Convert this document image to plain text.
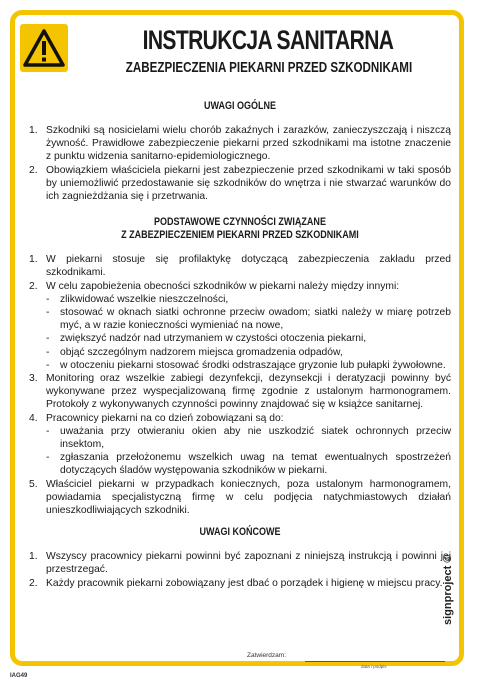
INSTRUKCJA SANITARNA
ZABEZPIECZENIA PIEKARNI PRZED SZKODNIKAMI
UWAGI OGÓLNE
1. Szkodniki są nosicielami wielu chorób zakaźnych i zarazków, zanieczyszczają i niszczą żywność. Prawidłowe zabezpieczenie piekarni przed szkodnikami ma istotne znaczenie z punktu widzenia sanitarno-epidemiologicznego.
2. Obowiązkiem właściciela piekarni jest zabezpieczenie przed szkodnikami w taki sposób by uniemożliwić przedostawanie się szkodników do wnętrza i nie stwarzać warunków do ich zagnieżdżania się i przetrwania.
PODSTAWOWE CZYNNOŚCI ZWIĄZANE
Z ZABEZPIECZENIEM PIEKARNI PRZED SZKODNIKAMI
1. W piekarni stosuje się profilaktykę dotyczącą zabezpieczenia zakładu przed szkodnikami.
2. W celu zapobieżenia obecności szkodników w piekarni należy między innymi:
-	zlikwidować wszelkie nieszczelności,
-	stosować w oknach siatki ochronne przeciw owadom; siatki należy w miarę potrzeb myć, a w razie konieczności wymieniać na nowe,
-	zwiększyć nadzór nad utrzymaniem w czystości otoczenia piekarni,
-	objąć szczególnym nadzorem miejsca gromadzenia odpadów,
-	w otoczeniu piekarni stosować środki odstraszające gryzonie lub pułapki żywołowne.
3. Monitoring oraz wszelkie zabiegi dezynfekcji, dezynsekcji i deratyzacji powinny być wykonywane przez wyspecjalizowaną firmę zgodnie z ustalonym harmonogramem. Protokoły z wykonywanych czynności powinny znajdować się w książce sanitarnej.
4. Pracownicy piekarni na co dzień zobowiązani są do:
-	uważania przy otwieraniu okien aby nie uszkodzić siatek ochronnych przeciw insektom,
-	zgłaszania przełożonemu wszelkich uwag na temat ewentualnych spostrzeżeń dotyczących śladów występowania szkodników w piekarni.
5. Właściciel piekarni w przypadkach koniecznych, poza ustalonym harmonogramem, powiadamia specjalistyczną firmę w celu podjęcia natychmiastowych działań unieszkodliwiających szkodniki.
UWAGI KOŃCOWE
1. Wszyscy pracownicy piekarni powinni być zapoznani z niniejszą instrukcją i powinni jej przestrzegać.
2. Każdy pracownik piekarni zobowiązany jest dbać o porządek i higienę w miejscu pracy.
Zatwierdzam:
data i podpis
signproject ©
IAG49
